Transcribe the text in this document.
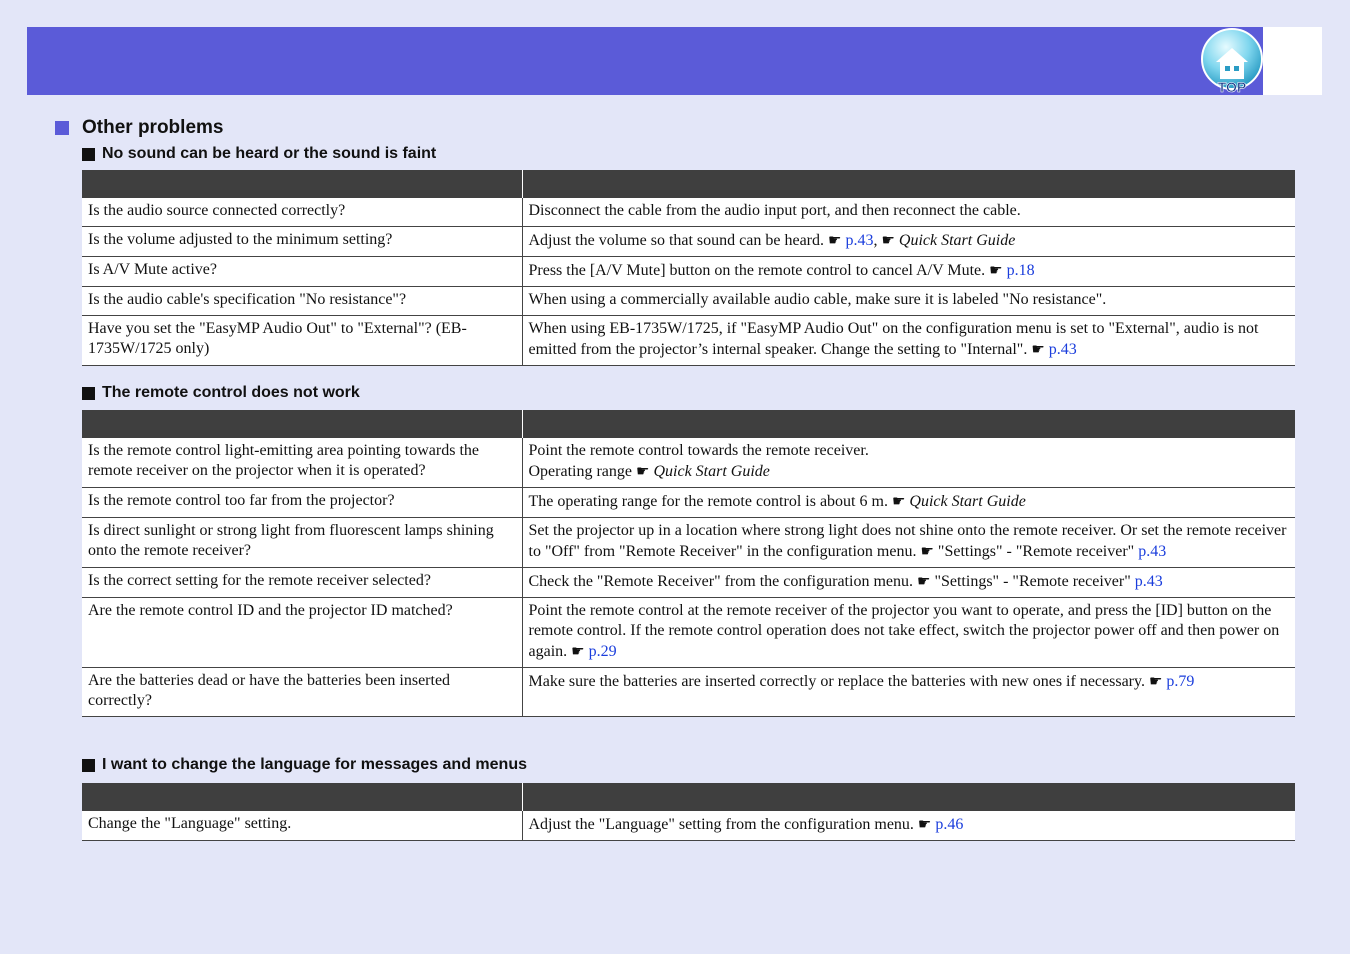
TOP
Other problems
No sound can be heard or the sound is faint

Is the audio source connected correctly?	Disconnect the cable from the audio input port, and then reconnect the cable.
Is the volume adjusted to the minimum setting?	Adjust the volume so that sound can be heard. ☛ p.43, ☛ Quick Start Guide
Is A/V Mute active?	Press the [A/V Mute] button on the remote control to cancel A/V Mute. ☛ p.18
Is the audio cable's specification "No resistance"?	When using a commercially available audio cable, make sure it is labeled "No resistance".
Have you set the "EasyMP Audio Out" to "External"? (EB-1735W/1725 only)	When using EB-1735W/1725, if "EasyMP Audio Out" on the configuration menu is set to "External", audio is not emitted from the projector’s internal speaker. Change the setting to "Internal". ☛ p.43
The remote control does not work

Is the remote control light-emitting area pointing towards the remote receiver on the projector when it is operated?	Point the remote control towards the remote receiver.
Operating range ☛ Quick Start Guide
Is the remote control too far from the projector?	The operating range for the remote control is about 6 m. ☛ Quick Start Guide
Is direct sunlight or strong light from fluorescent lamps shining onto the remote receiver?	Set the projector up in a location where strong light does not shine onto the remote receiver. Or set the remote receiver to "Off" from "Remote Receiver" in the configuration menu. ☛ "Settings" - "Remote receiver" p.43
Is the correct setting for the remote receiver selected?	Check the "Remote Receiver" from the configuration menu. ☛ "Settings" - "Remote receiver" p.43
Are the remote control ID and the projector ID matched?	Point the remote control at the remote receiver of the projector you want to operate, and press the [ID] button on the remote control. If the remote control operation does not take effect, switch the projector power off and then power on again. ☛ p.29
Are the batteries dead or have the batteries been inserted correctly?	Make sure the batteries are inserted correctly or replace the batteries with new ones if necessary. ☛ p.79
I want to change the language for messages and menus

Change the "Language" setting.	Adjust the "Language" setting from the configuration menu. ☛ p.46
